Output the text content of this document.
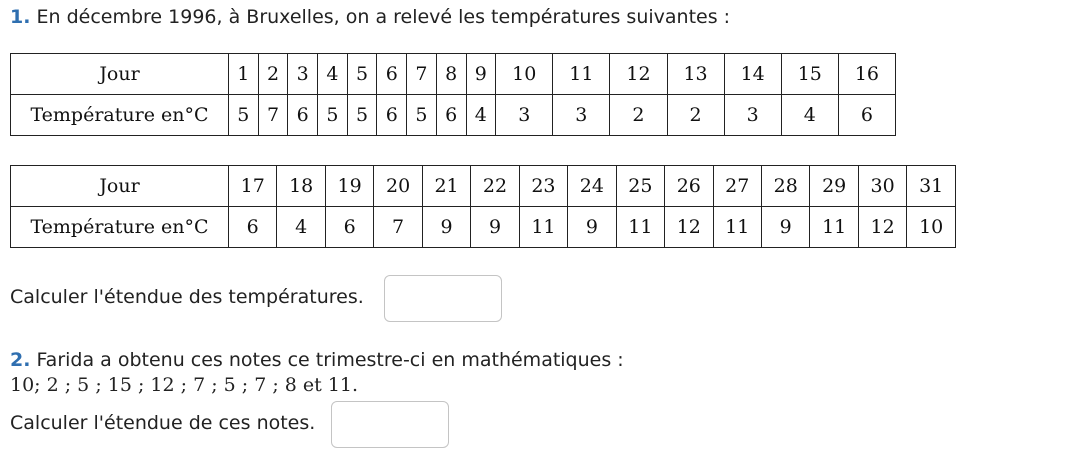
1. En décembre 1996, à Bruxelles, on a relevé les températures suivantes :
Jour	1	2	3	4	5	6	7	8	9	10	11	12	13	14	15	16
Température en°C	5	7	6	5	5	6	5	6	4	3	3	2	2	3	4	6
Jour	17	18	19	20	21	22	23	24	25	26	27	28	29	30	31
Température en°C	6	4	6	7	9	9	11	9	11	12	11	9	11	12	10
Calculer l'étendue des températures.
2. Farida a obtenu ces notes ce trimestre-ci en mathématiques :
10; 2 ; 5 ; 15 ; 12 ; 7 ; 5 ; 7 ; 8 et 11.
Calculer l'étendue de ces notes.
